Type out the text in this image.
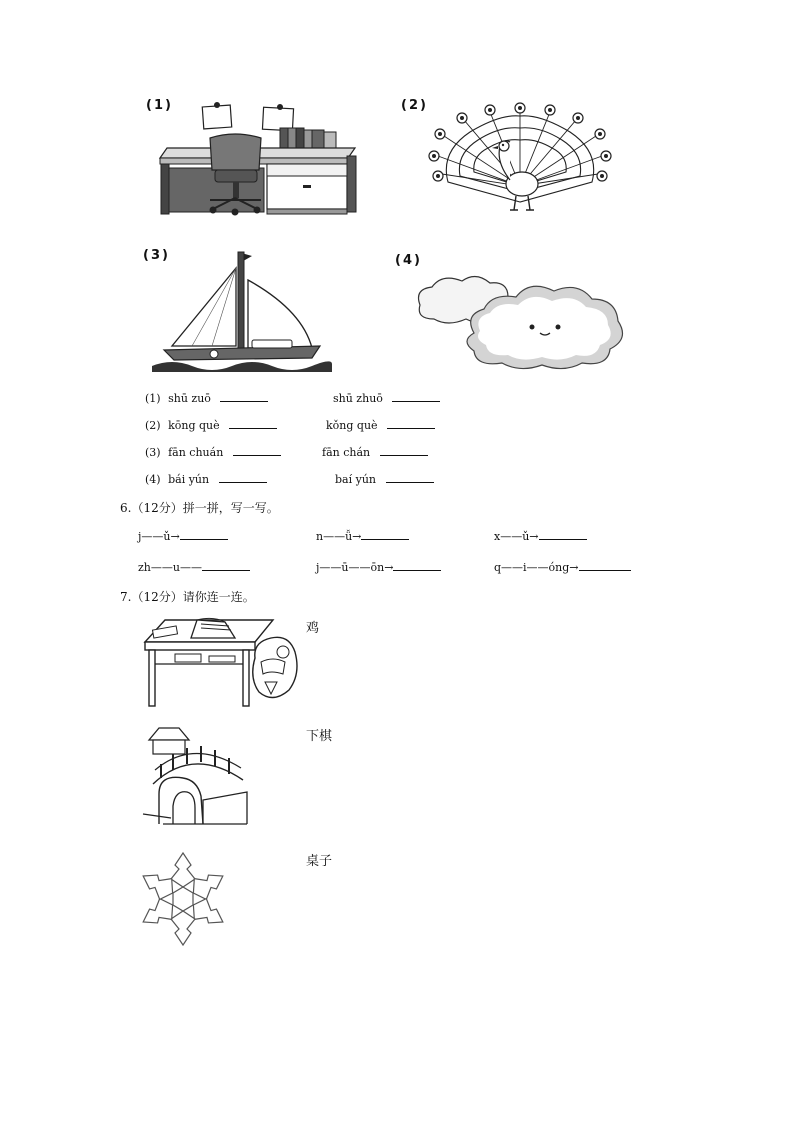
(1)	(2)
(3)	(4)
(1) shū zuō	shū zhuō
(2) kōng què	kǒng què
(3) fān chuán	fān chán
(4) bái yún	baí yún
6.（12分）拼一拼，写一写。
j——ǔ→	n——ǚ→	x——ǔ→
zh——u——	j——ū——ōn→	q——i——óng→
7.（12分）请你连一连。
鸡
下棋
桌子
